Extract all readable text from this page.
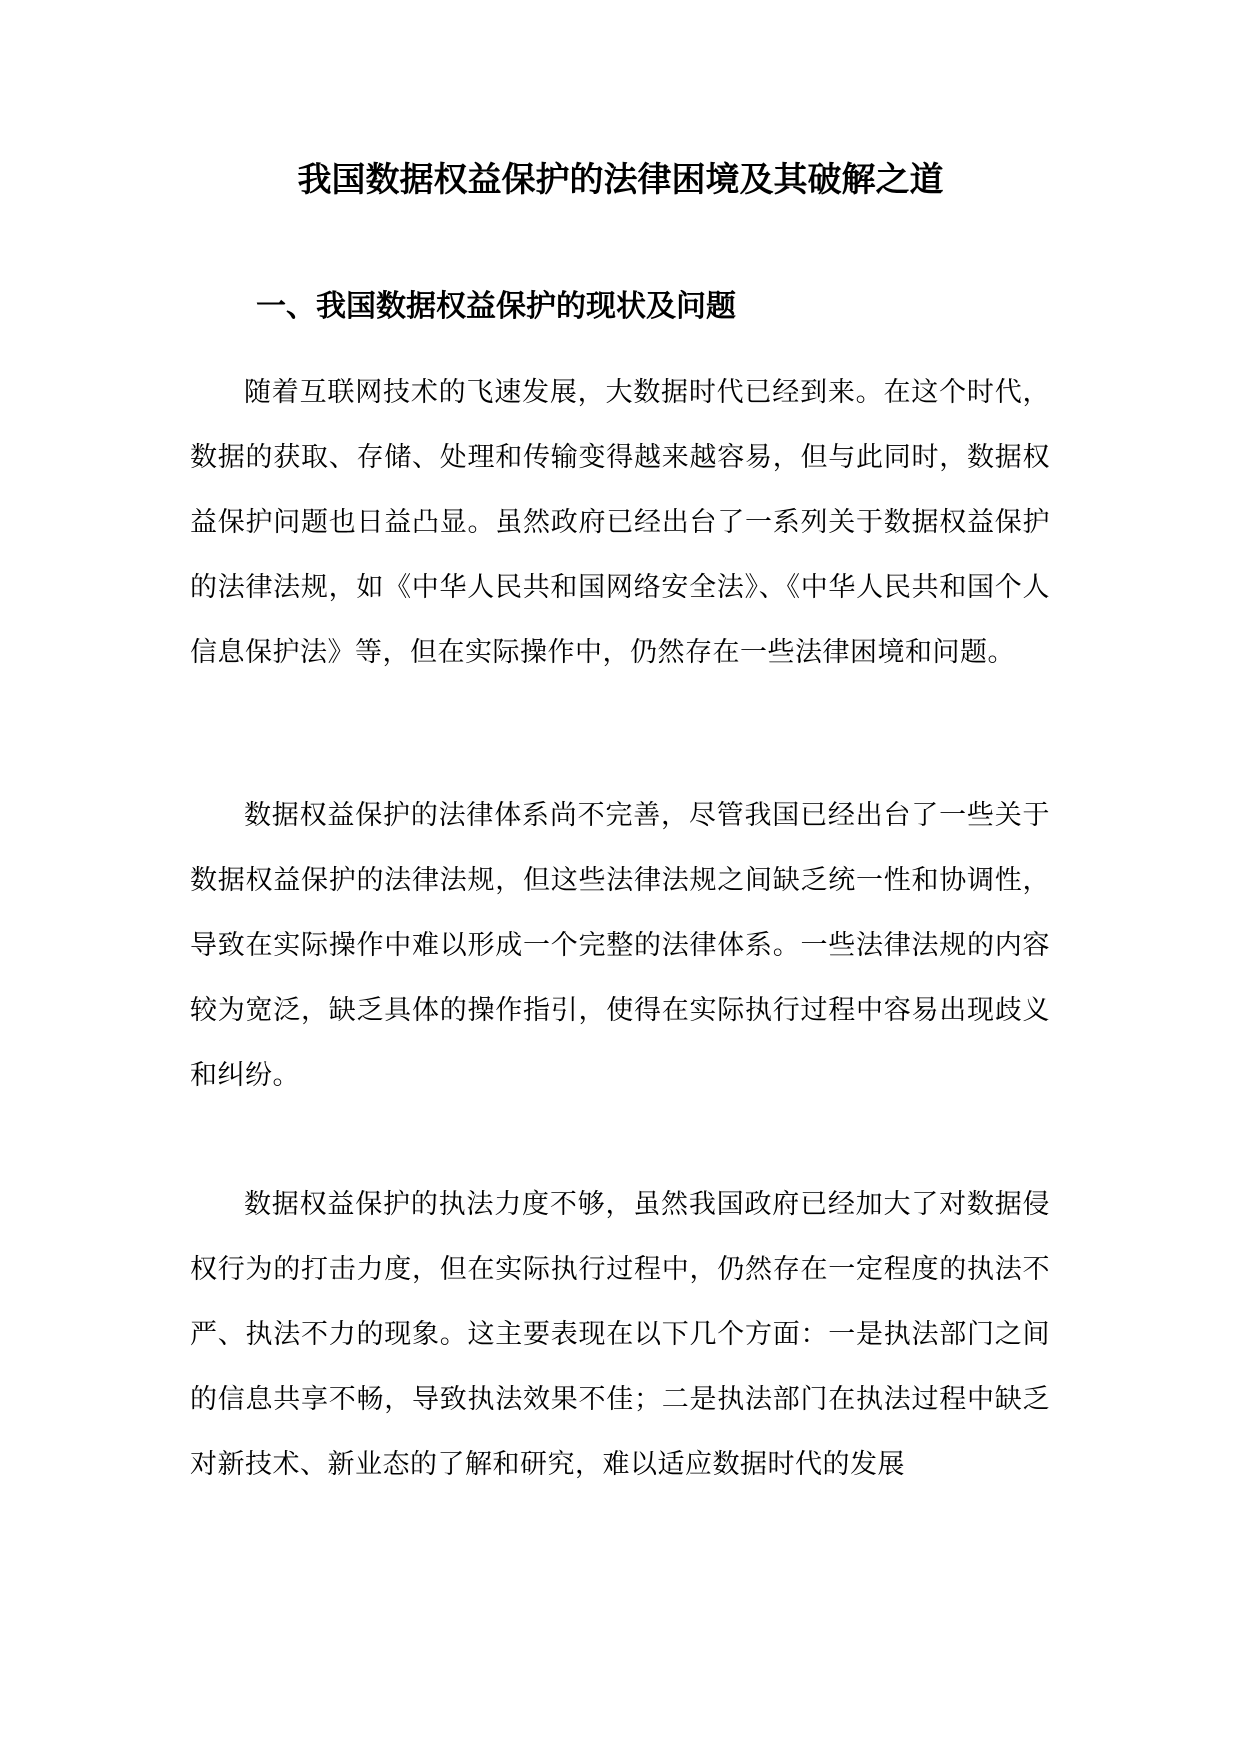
我国数据权益保护的法律困境及其破解之道
一、我国数据权益保护的现状及问题

随着互联网技术的飞速发展，大数据时代已经到来。在这个时代，数据的获取、存储、处理和传输变得越来越容易，但与此同时，数据权益保护问题也日益凸显。虽然政府已经出台了一系列关于数据权益保护的法律法规，如《中华人民共和国网络安全法》、《中华人民共和国个人信息保护法》等，但在实际操作中，仍然存在一些法律困境和问题。

数据权益保护的法律体系尚不完善，尽管我国已经出台了一些关于数据权益保护的法律法规，但这些法律法规之间缺乏统一性和协调性，导致在实际操作中难以形成一个完整的法律体系。一些法律法规的内容较为宽泛，缺乏具体的操作指引，使得在实际执行过程中容易出现歧义和纠纷。

数据权益保护的执法力度不够，虽然我国政府已经加大了对数据侵权行为的打击力度，但在实际执行过程中，仍然存在一定程度的执法不严、执法不力的现象。这主要表现在以下几个方面：一是执法部门之间的信息共享不畅，导致执法效果不佳；二是执法部门在执法过程中缺乏对新技术、新业态的了解和研究，难以适应数据时代的发展
